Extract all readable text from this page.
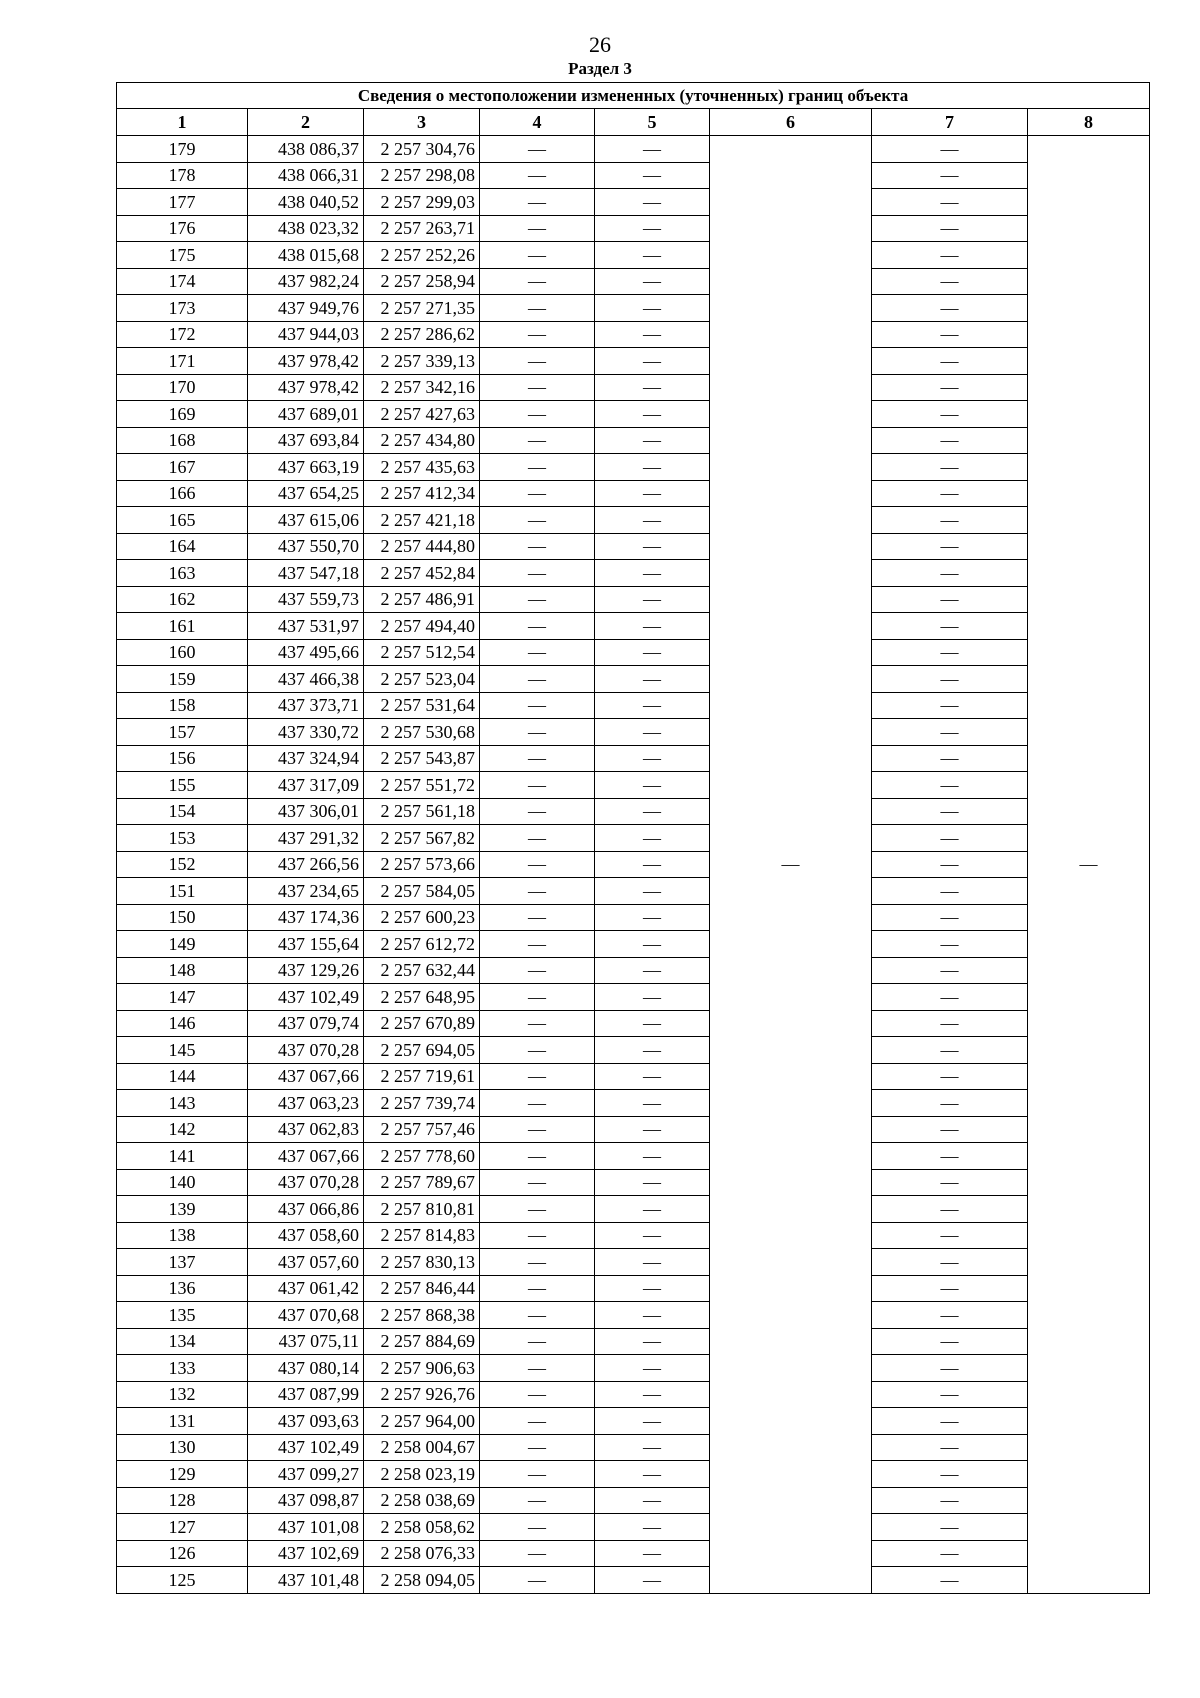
26
Раздел 3
Сведения о местоположении измененных (уточненных) границ объекта							
1	2	3	4	5	6	7	8
179	438 086,37	2 257 304,76	—	—	—	—	—
178	438 066,31	2 257 298,08	—	—		—	
177	438 040,52	2 257 299,03	—	—		—	
176	438 023,32	2 257 263,71	—	—		—	
175	438 015,68	2 257 252,26	—	—		—	
174	437 982,24	2 257 258,94	—	—		—	
173	437 949,76	2 257 271,35	—	—		—	
172	437 944,03	2 257 286,62	—	—		—	
171	437 978,42	2 257 339,13	—	—		—	
170	437 978,42	2 257 342,16	—	—		—	
169	437 689,01	2 257 427,63	—	—		—	
168	437 693,84	2 257 434,80	—	—		—	
167	437 663,19	2 257 435,63	—	—		—	
166	437 654,25	2 257 412,34	—	—		—	
165	437 615,06	2 257 421,18	—	—		—	
164	437 550,70	2 257 444,80	—	—		—	
163	437 547,18	2 257 452,84	—	—		—	
162	437 559,73	2 257 486,91	—	—		—	
161	437 531,97	2 257 494,40	—	—		—	
160	437 495,66	2 257 512,54	—	—		—	
159	437 466,38	2 257 523,04	—	—		—	
158	437 373,71	2 257 531,64	—	—		—	
157	437 330,72	2 257 530,68	—	—		—	
156	437 324,94	2 257 543,87	—	—		—	
155	437 317,09	2 257 551,72	—	—		—	
154	437 306,01	2 257 561,18	—	—		—	
153	437 291,32	2 257 567,82	—	—		—	
152	437 266,56	2 257 573,66	—	—		—	
151	437 234,65	2 257 584,05	—	—		—	
150	437 174,36	2 257 600,23	—	—		—	
149	437 155,64	2 257 612,72	—	—		—	
148	437 129,26	2 257 632,44	—	—		—	
147	437 102,49	2 257 648,95	—	—		—	
146	437 079,74	2 257 670,89	—	—		—	
145	437 070,28	2 257 694,05	—	—		—	
144	437 067,66	2 257 719,61	—	—		—	
143	437 063,23	2 257 739,74	—	—		—	
142	437 062,83	2 257 757,46	—	—		—	
141	437 067,66	2 257 778,60	—	—		—	
140	437 070,28	2 257 789,67	—	—		—	
139	437 066,86	2 257 810,81	—	—		—	
138	437 058,60	2 257 814,83	—	—		—	
137	437 057,60	2 257 830,13	—	—		—	
136	437 061,42	2 257 846,44	—	—		—	
135	437 070,68	2 257 868,38	—	—		—	
134	437 075,11	2 257 884,69	—	—		—	
133	437 080,14	2 257 906,63	—	—		—	
132	437 087,99	2 257 926,76	—	—		—	
131	437 093,63	2 257 964,00	—	—		—	
130	437 102,49	2 258 004,67	—	—		—	
129	437 099,27	2 258 023,19	—	—		—	
128	437 098,87	2 258 038,69	—	—		—	
127	437 101,08	2 258 058,62	—	—		—	
126	437 102,69	2 258 076,33	—	—		—	
125	437 101,48	2 258 094,05	—	—		—	
